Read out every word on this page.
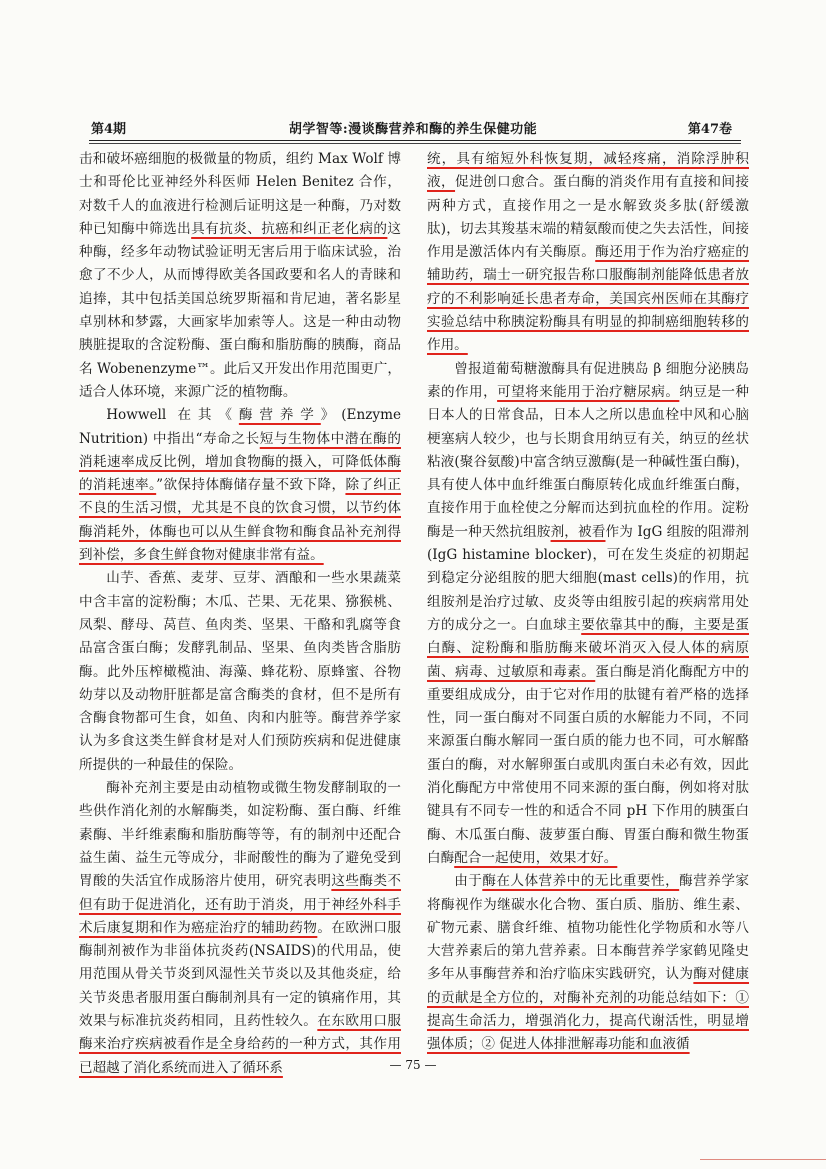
第4期	胡学智等:漫谈酶营养和酶的养生保健功能	第47卷

击和破坏癌细胞的极微量的物质，组约 Max Wolf 博士和哥伦比亚神经外科医师 Helen Benitez 合作，对数千人的血液进行检测后证明这是一种酶，乃对数种已知酶中筛选出具有抗炎、抗癌和纠正老化病的这种酶，经多年动物试验证明无害后用于临床试验，治愈了不少人，从而博得欧美各国政要和名人的青睐和追捧，其中包括美国总统罗斯福和肯尼迪，著名影星卓别林和梦露，大画家毕加索等人。这是一种由动物胰脏提取的含淀粉酶、蛋白酶和脂肪酶的胰酶，商品名 Wobenenzyme™。此后又开发出作用范围更广，适合人体环境，来源广泛的植物酶。

Howwell 在其《酶营养学》(Enzyme Nutrition) 中指出“寿命之长短与生物体中潜在酶的消耗速率成反比例，增加食物酶的摄入，可降低体酶的消耗速率。”欲保持体酶储存量不致下降，除了纠正不良的生活习惯，尤其是不良的饮食习惯，以节约体酶消耗外，体酶也可以从生鲜食物和酶食品补充剂得到补偿，多食生鲜食物对健康非常有益。

山芋、香蕉、麦芽、豆芽、酒酿和一些水果蔬菜中含丰富的淀粉酶；木瓜、芒果、无花果、猕猴桃、凤梨、酵母、莴苣、鱼肉类、坚果、干酪和乳腐等食品富含蛋白酶；发酵乳制品、坚果、鱼肉类皆含脂肪酶。此外压榨橄榄油、海藻、蜂花粉、原蜂蜜、谷物幼芽以及动物肝脏都是富含酶类的食材，但不是所有含酶食物都可生食，如鱼、肉和内脏等。酶营养学家认为多食这类生鲜食材是对人们预防疾病和促进健康所提供的一种最佳的保险。

酶补充剂主要是由动植物或微生物发酵制取的一些供作消化剂的水解酶类，如淀粉酶、蛋白酶、纤维素酶、半纤维素酶和脂肪酶等等，有的制剂中还配合益生菌、益生元等成分，非耐酸性的酶为了避免受到胃酸的失活宜作成肠溶片使用，研究表明这些酶类不但有助于促进消化，还有助于消炎，用于神经外科手术后康复期和作为癌症治疗的辅助药物。在欧洲口服酶制剂被作为非甾体抗炎药(NSAIDS)的代用品，使用范围从骨关节炎到风湿性关节炎以及其他炎症，给关节炎患者服用蛋白酶制剂具有一定的镇痛作用，其效果与标准抗炎药相同，且药性较久。在东欧用口服酶来治疗疾病被看作是全身给药的一种方式，其作用已超越了消化系统而进入了循环系

统，具有缩短外科恢复期，减轻疼痛，消除浮肿积液，促进创口愈合。蛋白酶的消炎作用有直接和间接两种方式，直接作用之一是水解致炎多肽(舒缓激肽)，切去其羧基末端的精氨酸而使之失去活性，间接作用是激活体内有关酶原。酶还用于作为治疗癌症的辅助药，瑞士一研究报告称口服酶制剂能降低患者放疗的不利影响延长患者寿命，美国宾州医师在其酶疗实验总结中称胰淀粉酶具有明显的抑制癌细胞转移的作用。

曾报道葡萄糖激酶具有促进胰岛 β 细胞分泌胰岛素的作用，可望将来能用于治疗糖尿病。纳豆是一种日本人的日常食品，日本人之所以患血栓中风和心脑梗塞病人较少，也与长期食用纳豆有关，纳豆的丝状粘液(聚谷氨酸)中富含纳豆激酶(是一种碱性蛋白酶)，具有使人体中血纤维蛋白酶原转化成血纤维蛋白酶，直接作用于血栓使之分解而达到抗血栓的作用。淀粉酶是一种天然抗组胺剂，被看作为 IgG 组胺的阻滞剂(IgG histamine blocker)，可在发生炎症的初期起到稳定分泌组胺的肥大细胞(mast cells)的作用，抗组胺剂是治疗过敏、皮炎等由组胺引起的疾病常用处方的成分之一。白血球主要依靠其中的酶，主要是蛋白酶、淀粉酶和脂肪酶来破坏消灭入侵人体的病原菌、病毒、过敏原和毒素。蛋白酶是消化酶配方中的重要组成成分，由于它对作用的肽键有着严格的选择性，同一蛋白酶对不同蛋白质的水解能力不同，不同来源蛋白酶水解同一蛋白质的能力也不同，可水解酪蛋白的酶，对水解卵蛋白或肌肉蛋白未必有效，因此消化酶配方中常使用不同来源的蛋白酶，例如将对肽键具有不同专一性的和适合不同 pH 下作用的胰蛋白酶、木瓜蛋白酶、菠萝蛋白酶、胃蛋白酶和微生物蛋白酶配合一起使用，效果才好。

由于酶在人体营养中的无比重要性，酶营养学家将酶视作为继碳水化合物、蛋白质、脂肪、维生素、矿物元素、膳食纤维、植物功能性化学物质和水等八大营养素后的第九营养素。日本酶营养学家鹤见隆史多年从事酶营养和治疗临床实践研究，认为酶对健康的贡献是全方位的，对酶补充剂的功能总结如下：① 提高生命活力，增强消化力，提高代谢活性，明显增强体质；② 促进人体排泄解毒功能和血液循

— 75 —
